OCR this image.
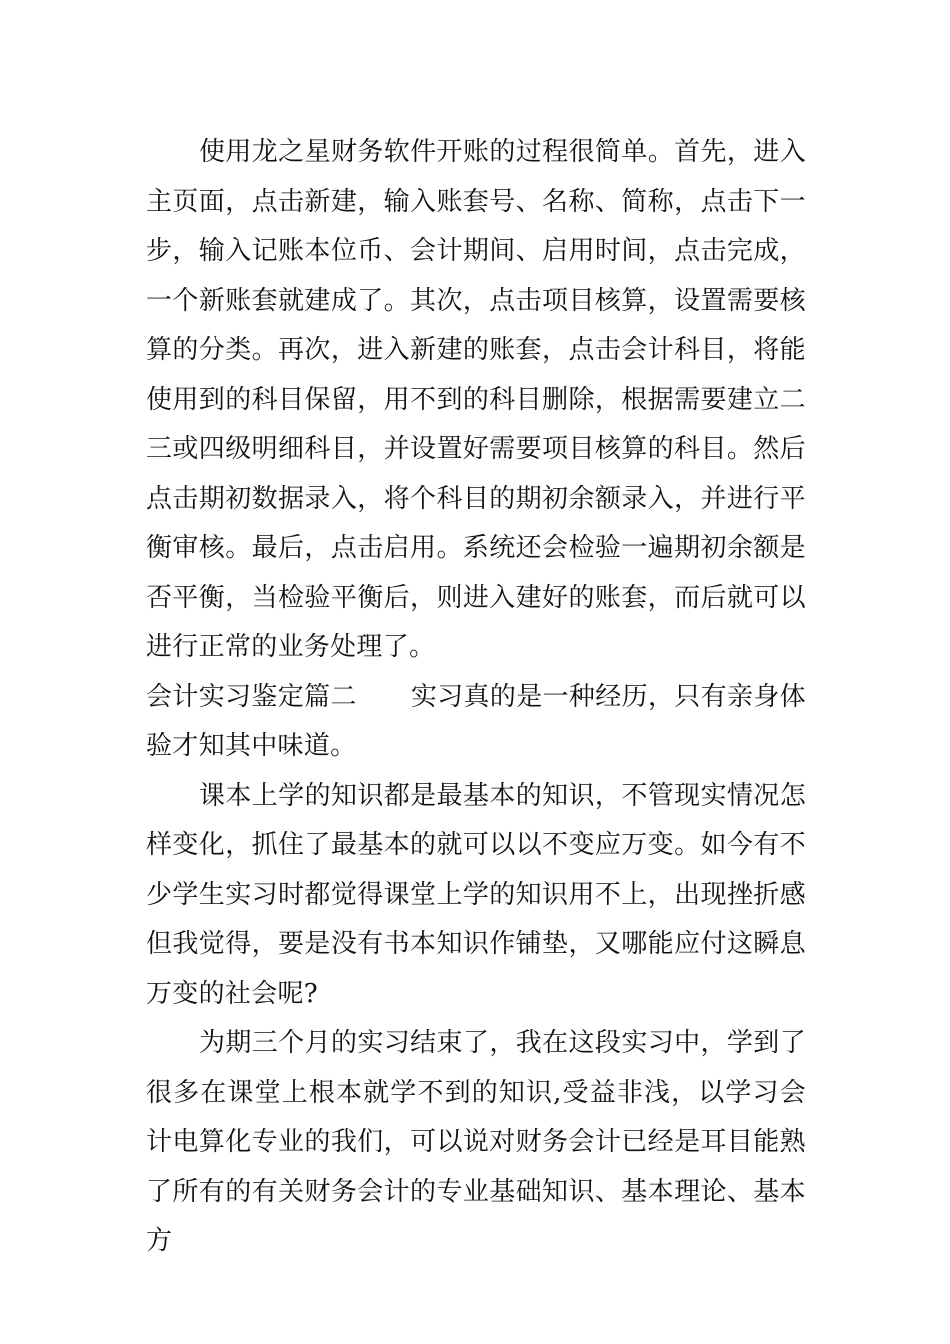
使用龙之星财务软件开账的过程很简单。首先，进入主页面，点击新建，输入账套号、名称、简称，点击下一步，输入记账本位币、会计期间、启用时间，点击完成，一个新账套就建成了。其次，点击项目核算，设置需要核算的分类。再次，进入新建的账套，点击会计科目，将能使用到的科目保留，用不到的科目删除，根据需要建立二三或四级明细科目，并设置好需要项目核算的科目。然后点击期初数据录入，将个科目的期初余额录入，并进行平衡审核。最后，点击启用。系统还会检验一遍期初余额是否平衡，当检验平衡后，则进入建好的账套，而后就可以进行正常的业务处理了。

会计实习鉴定篇二 实习真的是一种经历，只有亲身体验才知其中味道。

课本上学的知识都是最基本的知识，不管现实情况怎样变化，抓住了最基本的就可以以不变应万变。如今有不少学生实习时都觉得课堂上学的知识用不上，出现挫折感但我觉得，要是没有书本知识作铺垫，又哪能应付这瞬息万变的社会呢?

为期三个月的实习结束了，我在这段实习中，学到了很多在课堂上根本就学不到的知识,受益非浅，以学习会计电算化专业的我们，可以说对财务会计已经是耳目能熟了所有的有关财务会计的专业基础知识、基本理论、基本方
